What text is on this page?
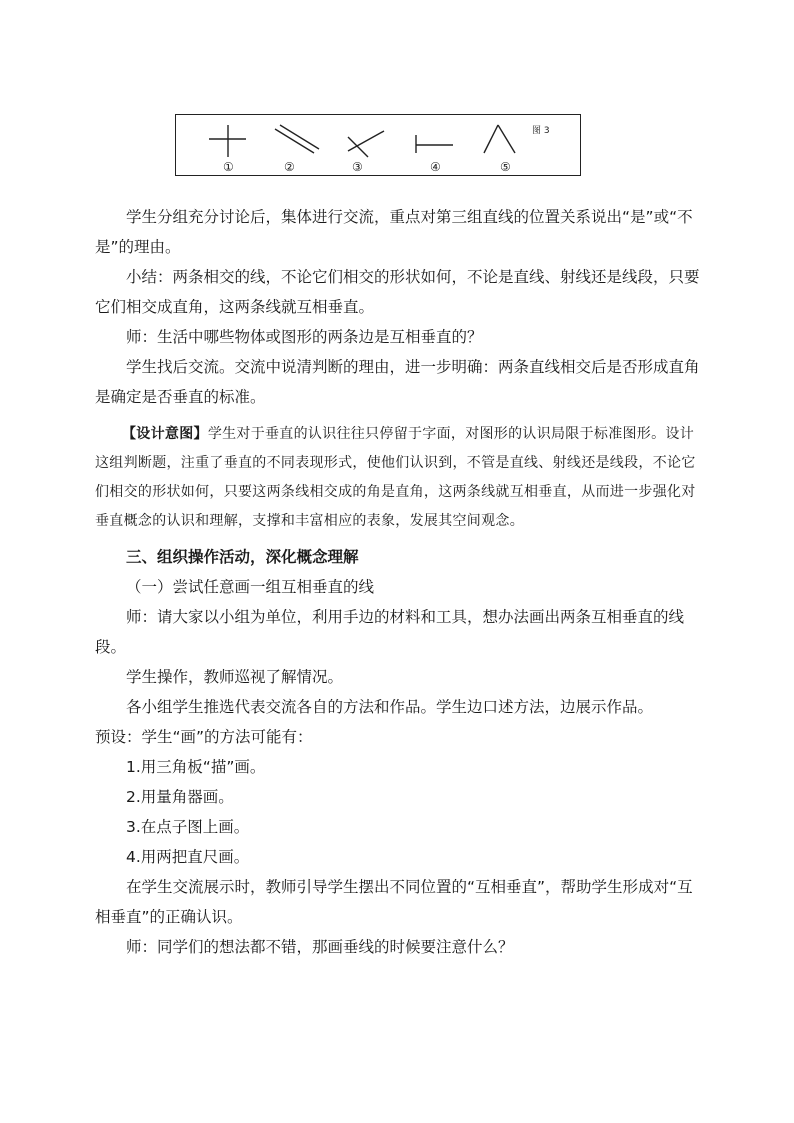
图 3
①	②	③	④	⑤

学生分组充分讨论后，集体进行交流，重点对第三组直线的位置关系说出“是”或“不是”的理由。

小结：两条相交的线，不论它们相交的形状如何，不论是直线、射线还是线段，只要它们相交成直角，这两条线就互相垂直。

师：生活中哪些物体或图形的两条边是互相垂直的？

学生找后交流。交流中说清判断的理由，进一步明确：两条直线相交后是否形成直角是确定是否垂直的标准。

【设计意图】学生对于垂直的认识往往只停留于字面，对图形的认识局限于标准图形。设计这组判断题，注重了垂直的不同表现形式，使他们认识到，不管是直线、射线还是线段，不论它们相交的形状如何，只要这两条线相交成的角是直角，这两条线就互相垂直，从而进一步强化对垂直概念的认识和理解，支撑和丰富相应的表象，发展其空间观念。

三、组织操作活动，深化概念理解

（一）尝试任意画一组互相垂直的线

师：请大家以小组为单位，利用手边的材料和工具，想办法画出两条互相垂直的线段。

学生操作，教师巡视了解情况。

各小组学生推选代表交流各自的方法和作品。学生边口述方法，边展示作品。

预设：学生“画”的方法可能有：

1.用三角板“描”画。

2.用量角器画。

3.在点子图上画。

4.用两把直尺画。

在学生交流展示时，教师引导学生摆出不同位置的“互相垂直”，帮助学生形成对“互相垂直”的正确认识。

师：同学们的想法都不错，那画垂线的时候要注意什么？
